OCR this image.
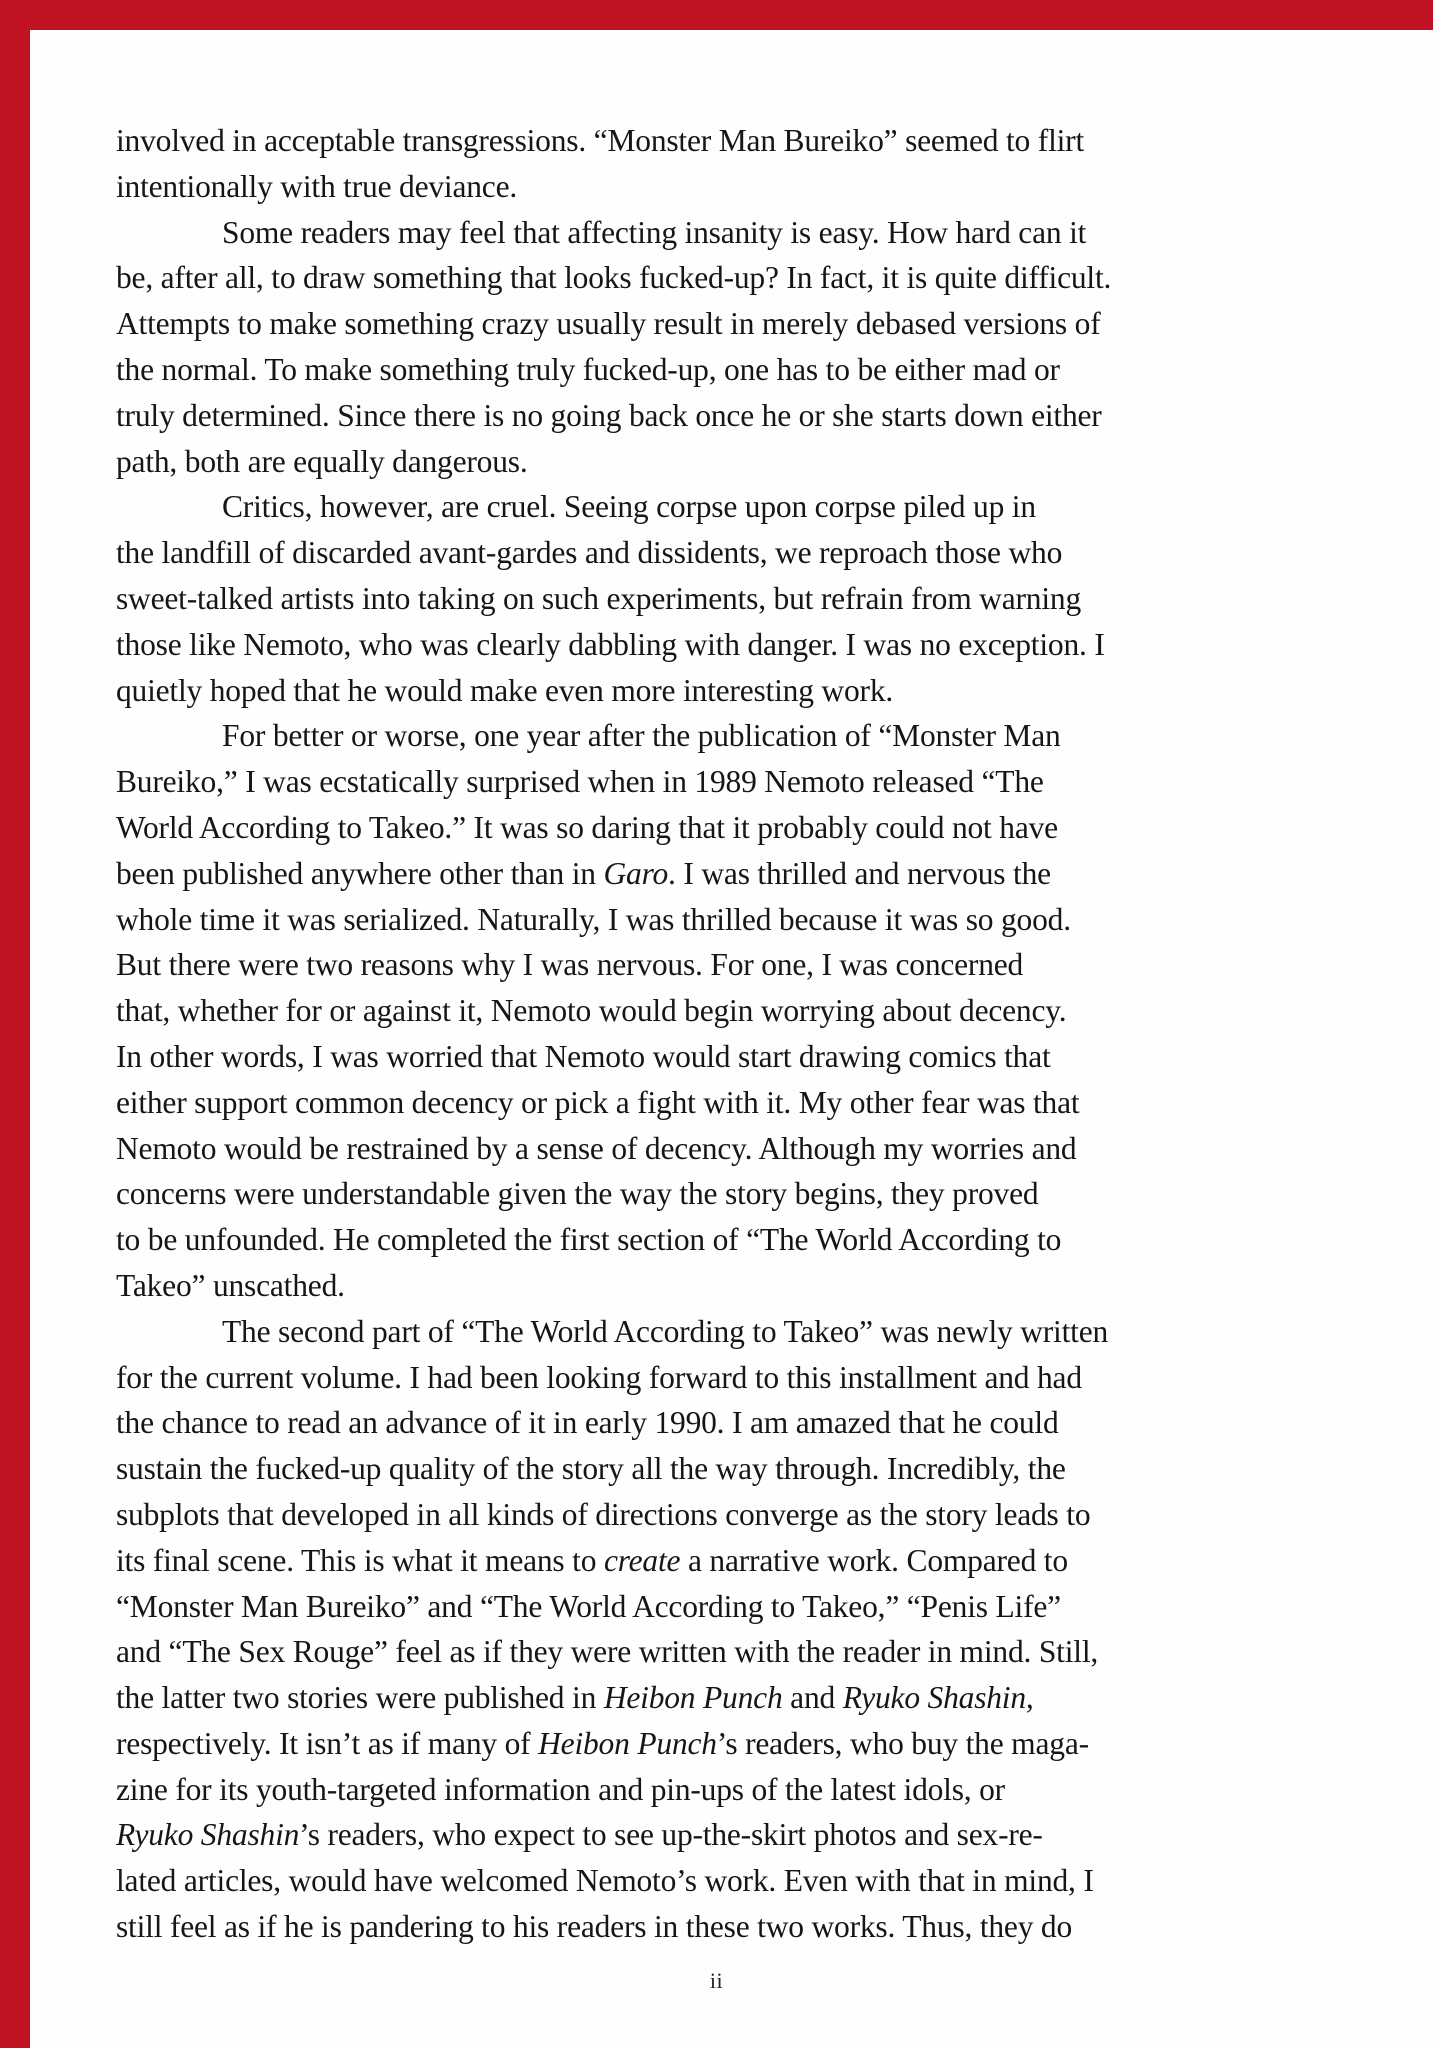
involved in acceptable transgressions. “Monster Man Bureiko” seemed to flirt
intentionally with true deviance.
Some readers may feel that affecting insanity is easy. How hard can it
be, after all, to draw something that looks fucked-up? In fact, it is quite difficult.
Attempts to make something crazy usually result in merely debased versions of
the normal. To make something truly fucked-up, one has to be either mad or
truly determined. Since there is no going back once he or she starts down either
path, both are equally dangerous.
Critics, however, are cruel. Seeing corpse upon corpse piled up in
the landfill of discarded avant-gardes and dissidents, we reproach those who
sweet-talked artists into taking on such experiments, but refrain from warning
those like Nemoto, who was clearly dabbling with danger. I was no exception. I
quietly hoped that he would make even more interesting work.
For better or worse, one year after the publication of “Monster Man
Bureiko,” I was ecstatically surprised when in 1989 Nemoto released “The
World According to Takeo.” It was so daring that it probably could not have
been published anywhere other than in Garo. I was thrilled and nervous the
whole time it was serialized. Naturally, I was thrilled because it was so good.
But there were two reasons why I was nervous. For one, I was concerned
that, whether for or against it, Nemoto would begin worrying about decency.
In other words, I was worried that Nemoto would start drawing comics that
either support common decency or pick a fight with it. My other fear was that
Nemoto would be restrained by a sense of decency. Although my worries and
concerns were understandable given the way the story begins, they proved
to be unfounded. He completed the first section of “The World According to
Takeo” unscathed.
The second part of “The World According to Takeo” was newly written
for the current volume. I had been looking forward to this installment and had
the chance to read an advance of it in early 1990. I am amazed that he could
sustain the fucked-up quality of the story all the way through. Incredibly, the
subplots that developed in all kinds of directions converge as the story leads to
its final scene. This is what it means to create a narrative work. Compared to
“Monster Man Bureiko” and “The World According to Takeo,” “Penis Life”
and “The Sex Rouge” feel as if they were written with the reader in mind. Still,
the latter two stories were published in Heibon Punch and Ryuko Shashin,
respectively. It isn’t as if many of Heibon Punch’s readers, who buy the maga-
zine for its youth-targeted information and pin-ups of the latest idols, or
Ryuko Shashin’s readers, who expect to see up-the-skirt photos and sex-re-
lated articles, would have welcomed Nemoto’s work. Even with that in mind, I
still feel as if he is pandering to his readers in these two works. Thus, they do
ii
